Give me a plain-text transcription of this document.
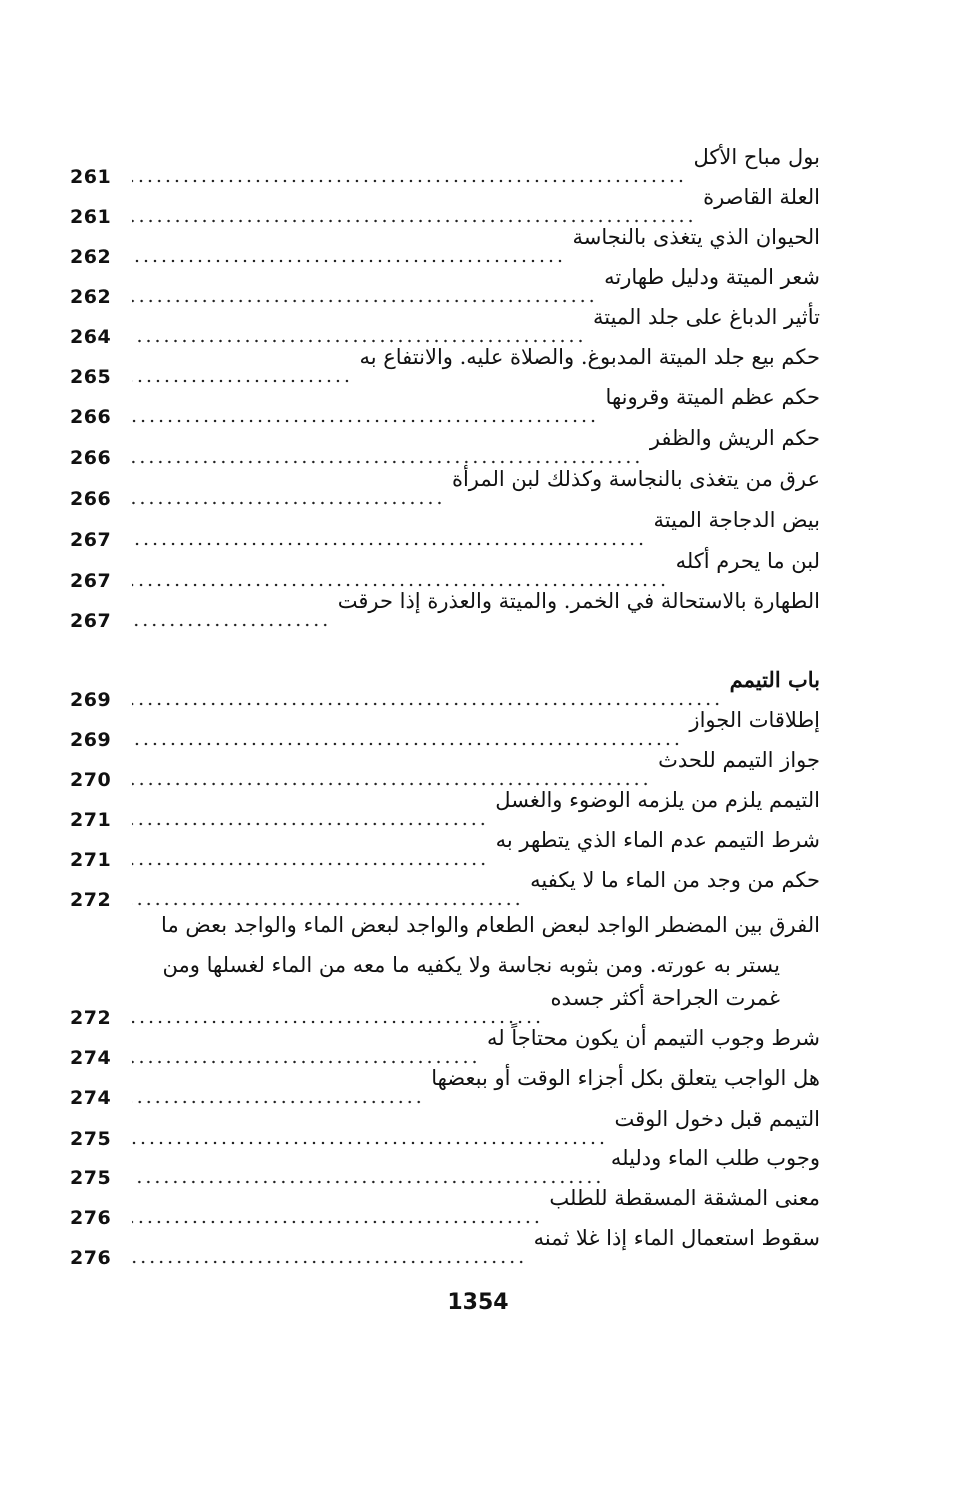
261
بول مباح الأكل
261
العلة القاصرة
262
الحيوان الذي يتغذى بالنجاسة
262
شعر الميتة ودليل طهارته
264
تأثير الدباغ على جلد الميتة
265
حكم بيع جلد الميتة المدبوغ. والصلاة عليه. والانتفاع به
266
حكم عظم الميتة وقرونها
266
حكم الريش والظفر
266
عرق من يتغذى بالنجاسة وكذلك لبن المرأة
267
بيض الدجاجة الميتة
267
لبن ما يحرم أكله
267
الطهارة بالاستحالة في الخمر. والميتة والعذرة إذا حرقت
269
باب التيمم
269
إطلاقات الجواز
270
جواز التيمم للحدث
271
التيمم يلزم من يلزمه الوضوء والغسل
271
شرط التيمم عدم الماء الذي يتطهر به
272
حكم من وجد من الماء ما لا يكفيه
الفرق بين المضطر الواجد لبعض الطعام والواجد لبعض الماء والواجد بعض ما
يستر به عورته. ومن بثوبه نجاسة ولا يكفيه ما معه من الماء لغسلها ومن
272
غمرت الجراحة أكثر جسده
274
شرط وجوب التيمم أن يكون محتاجاً له
274
هل الواجب يتعلق بكل أجزاء الوقت أو ببعضها
275
التيمم قبل دخول الوقت
275
وجوب طلب الماء ودليله
276
معنى المشقة المسقطة للطلب
276
سقوط استعمال الماء إذا غلا ثمنه
1354
